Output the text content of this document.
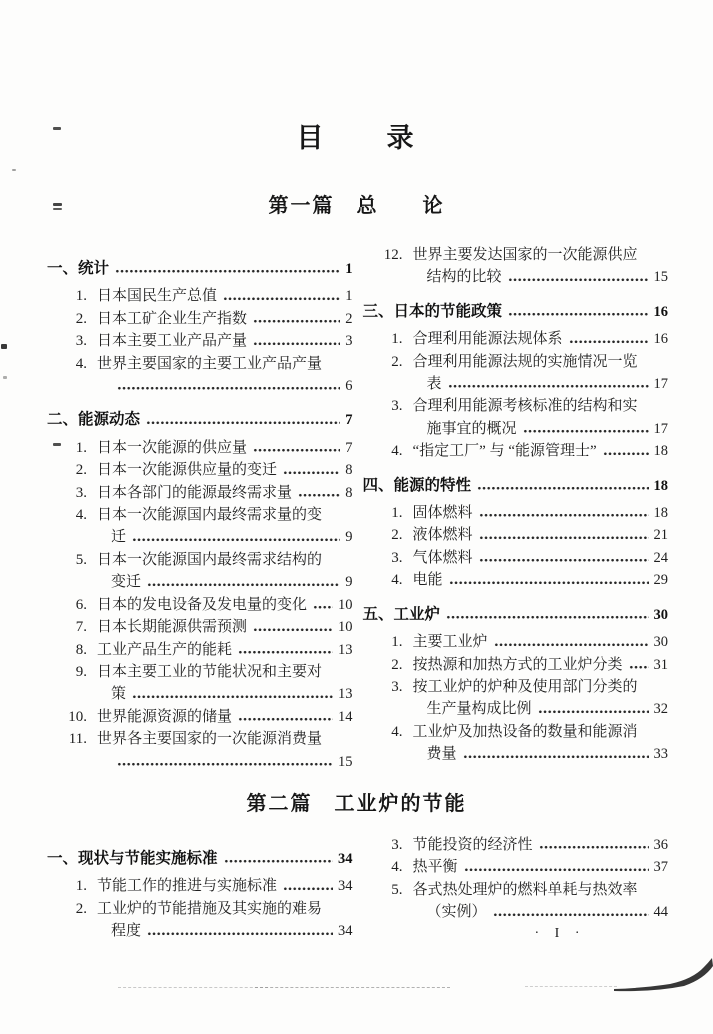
目　　录
第一篇　总　　论
一、统计	1
1. 日本国民生产总值	1
2. 日本工矿企业生产指数	2
3. 日本主要工业产品产量	3
4. 世界主要国家的主要工业产品产量
6
二、能源动态	7
1. 日本一次能源的供应量	7
2. 日本一次能源供应量的变迁	8
3. 日本各部门的能源最终需求量	8
4. 日本一次能源国内最终需求量的变
迁	9
5. 日本一次能源国内最终需求结构的
变迁	9
6. 日本的发电设备及发电量的变化 10
7. 日本长期能源供需预测	10
8. 工业产品生产的能耗	13
9. 日本主要工业的节能状况和主要对
策	13
10. 世界能源资源的储量	14
11. 世界各主要国家的一次能源消费量
15
12. 世界主要发达国家的一次能源供应
结构的比较	15
三、日本的节能政策	16
1. 合理利用能源法规体系	16
2. 合理利用能源法规的实施情况一览
表	17
3. 合理利用能源考核标准的结构和实
施事宜的概况	17
4. “指定工厂” 与 “能源管理士”	18
四、能源的特性	18
1. 固体燃料	18
2. 液体燃料	21
3. 气体燃料	24
4. 电能	29
五、工业炉	30
1. 主要工业炉	30
2. 按热源和加热方式的工业炉分类 31
3. 按工业炉的炉种及使用部门分类的
生产量构成比例	32
4. 工业炉及加热设备的数量和能源消
费量	33
第二篇　工业炉的节能
一、现状与节能实施标准	34
1. 节能工作的推进与实施标准	34
2. 工业炉的节能措施及其实施的难易
程度	34
3. 节能投资的经济性	36
4. 热平衡	37
5. 各式热处理炉的燃料单耗与热效率
（实例）	44
· I ·
